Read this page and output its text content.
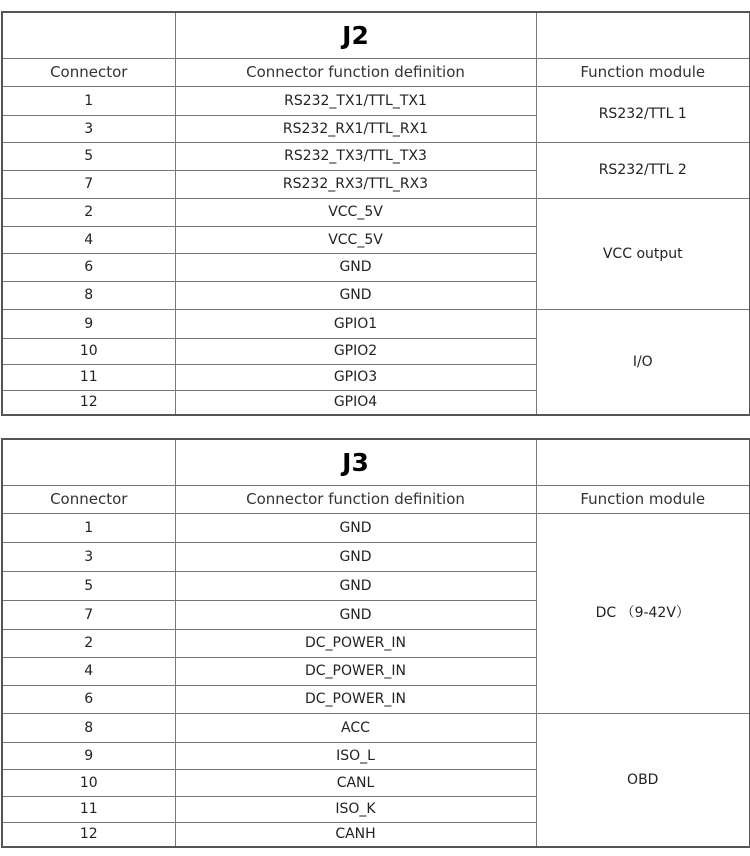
	J2	
Connector	Connector function definition	Function module
1	RS232_TX1/TTL_TX1	RS232/TTL 1
3	RS232_RX1/TTL_RX1	
5	RS232_TX3/TTL_TX3	RS232/TTL 2
7	RS232_RX3/TTL_RX3	
2	VCC_5V	VCC output
4	VCC_5V	
6	GND	
8	GND	
9	GPIO1	I/O
10	GPIO2	
11	GPIO3	
12	GPIO4	
	J3	
Connector	Connector function definition	Function module
1	GND	DC （9-42V）
3	GND	
5	GND	
7	GND	
2	DC_POWER_IN	
4	DC_POWER_IN	
6	DC_POWER_IN	
8	ACC	OBD
9	ISO_L	
10	CANL	
11	ISO_K	
12	CANH	
